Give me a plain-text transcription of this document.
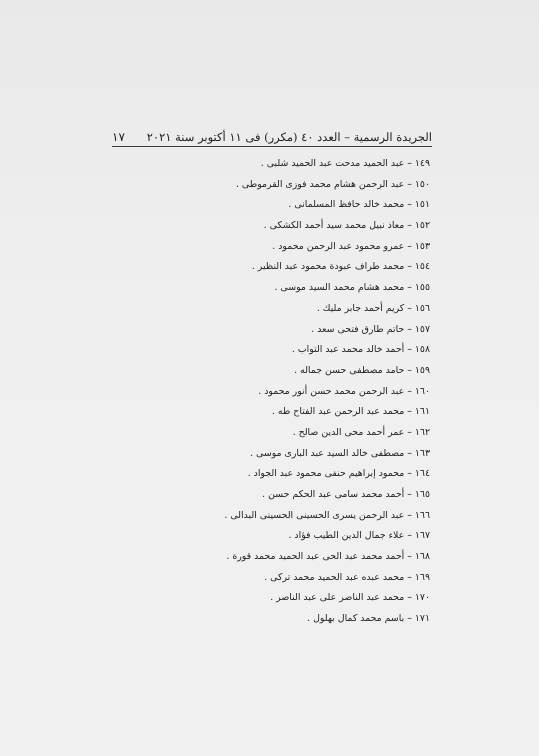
الجريدة الرسمية – العدد ٤٠ (مكرر) فى ١١ أكتوبر سنة ٢٠٢١
١٧
١٤٩ – عبد الحميد مدحت عبد الحميد شلبى .
١٥٠ – عبد الرحمن هشام محمد فوزى القرموطى .
١٥١ – محمد خالد حافظ المسلمانى .
١٥٢ – معاذ نبيل محمد سيد أحمد الكشكى .
١٥٣ – عمرو محمود عبد الرحمن محمود .
١٥٤ – محمد طراف عبودة محمود عبد النظير .
١٥٥ – محمد هشام محمد السيد موسى .
١٥٦ – كريم أحمد جابر مليك .
١٥٧ – حاتم طارق فتحى سعد .
١٥٨ – أحمد خالد محمد عبد التواب .
١٥٩ – حامد مصطفى حسن جماله .
١٦٠ – عبد الرحمن محمد حسن أنور محمود .
١٦١ – محمد عبد الرحمن عبد الفتاح طه .
١٦٢ – عمر أحمد محى الدين صالح .
١٦٣ – مصطفى خالد السيد عبد البارى موسى .
١٦٤ – محمود إبراهيم حنفى محمود عبد الجواد .
١٦٥ – أحمد محمد سامى عبد الحكم حسن .
١٦٦ – عبد الرحمن يسرى الحسينى الحسينى البدالى .
١٦٧ – علاء جمال الدين الطيب فؤاد .
١٦٨ – أحمد محمد عبد الحى عبد الحميد محمد قورة .
١٦٩ – محمد عبده عبد الحميد محمد تركى .
١٧٠ – محمد عبد الناصر على عبد الناصر .
١٧١ – باسم محمد كمال بهلول .
